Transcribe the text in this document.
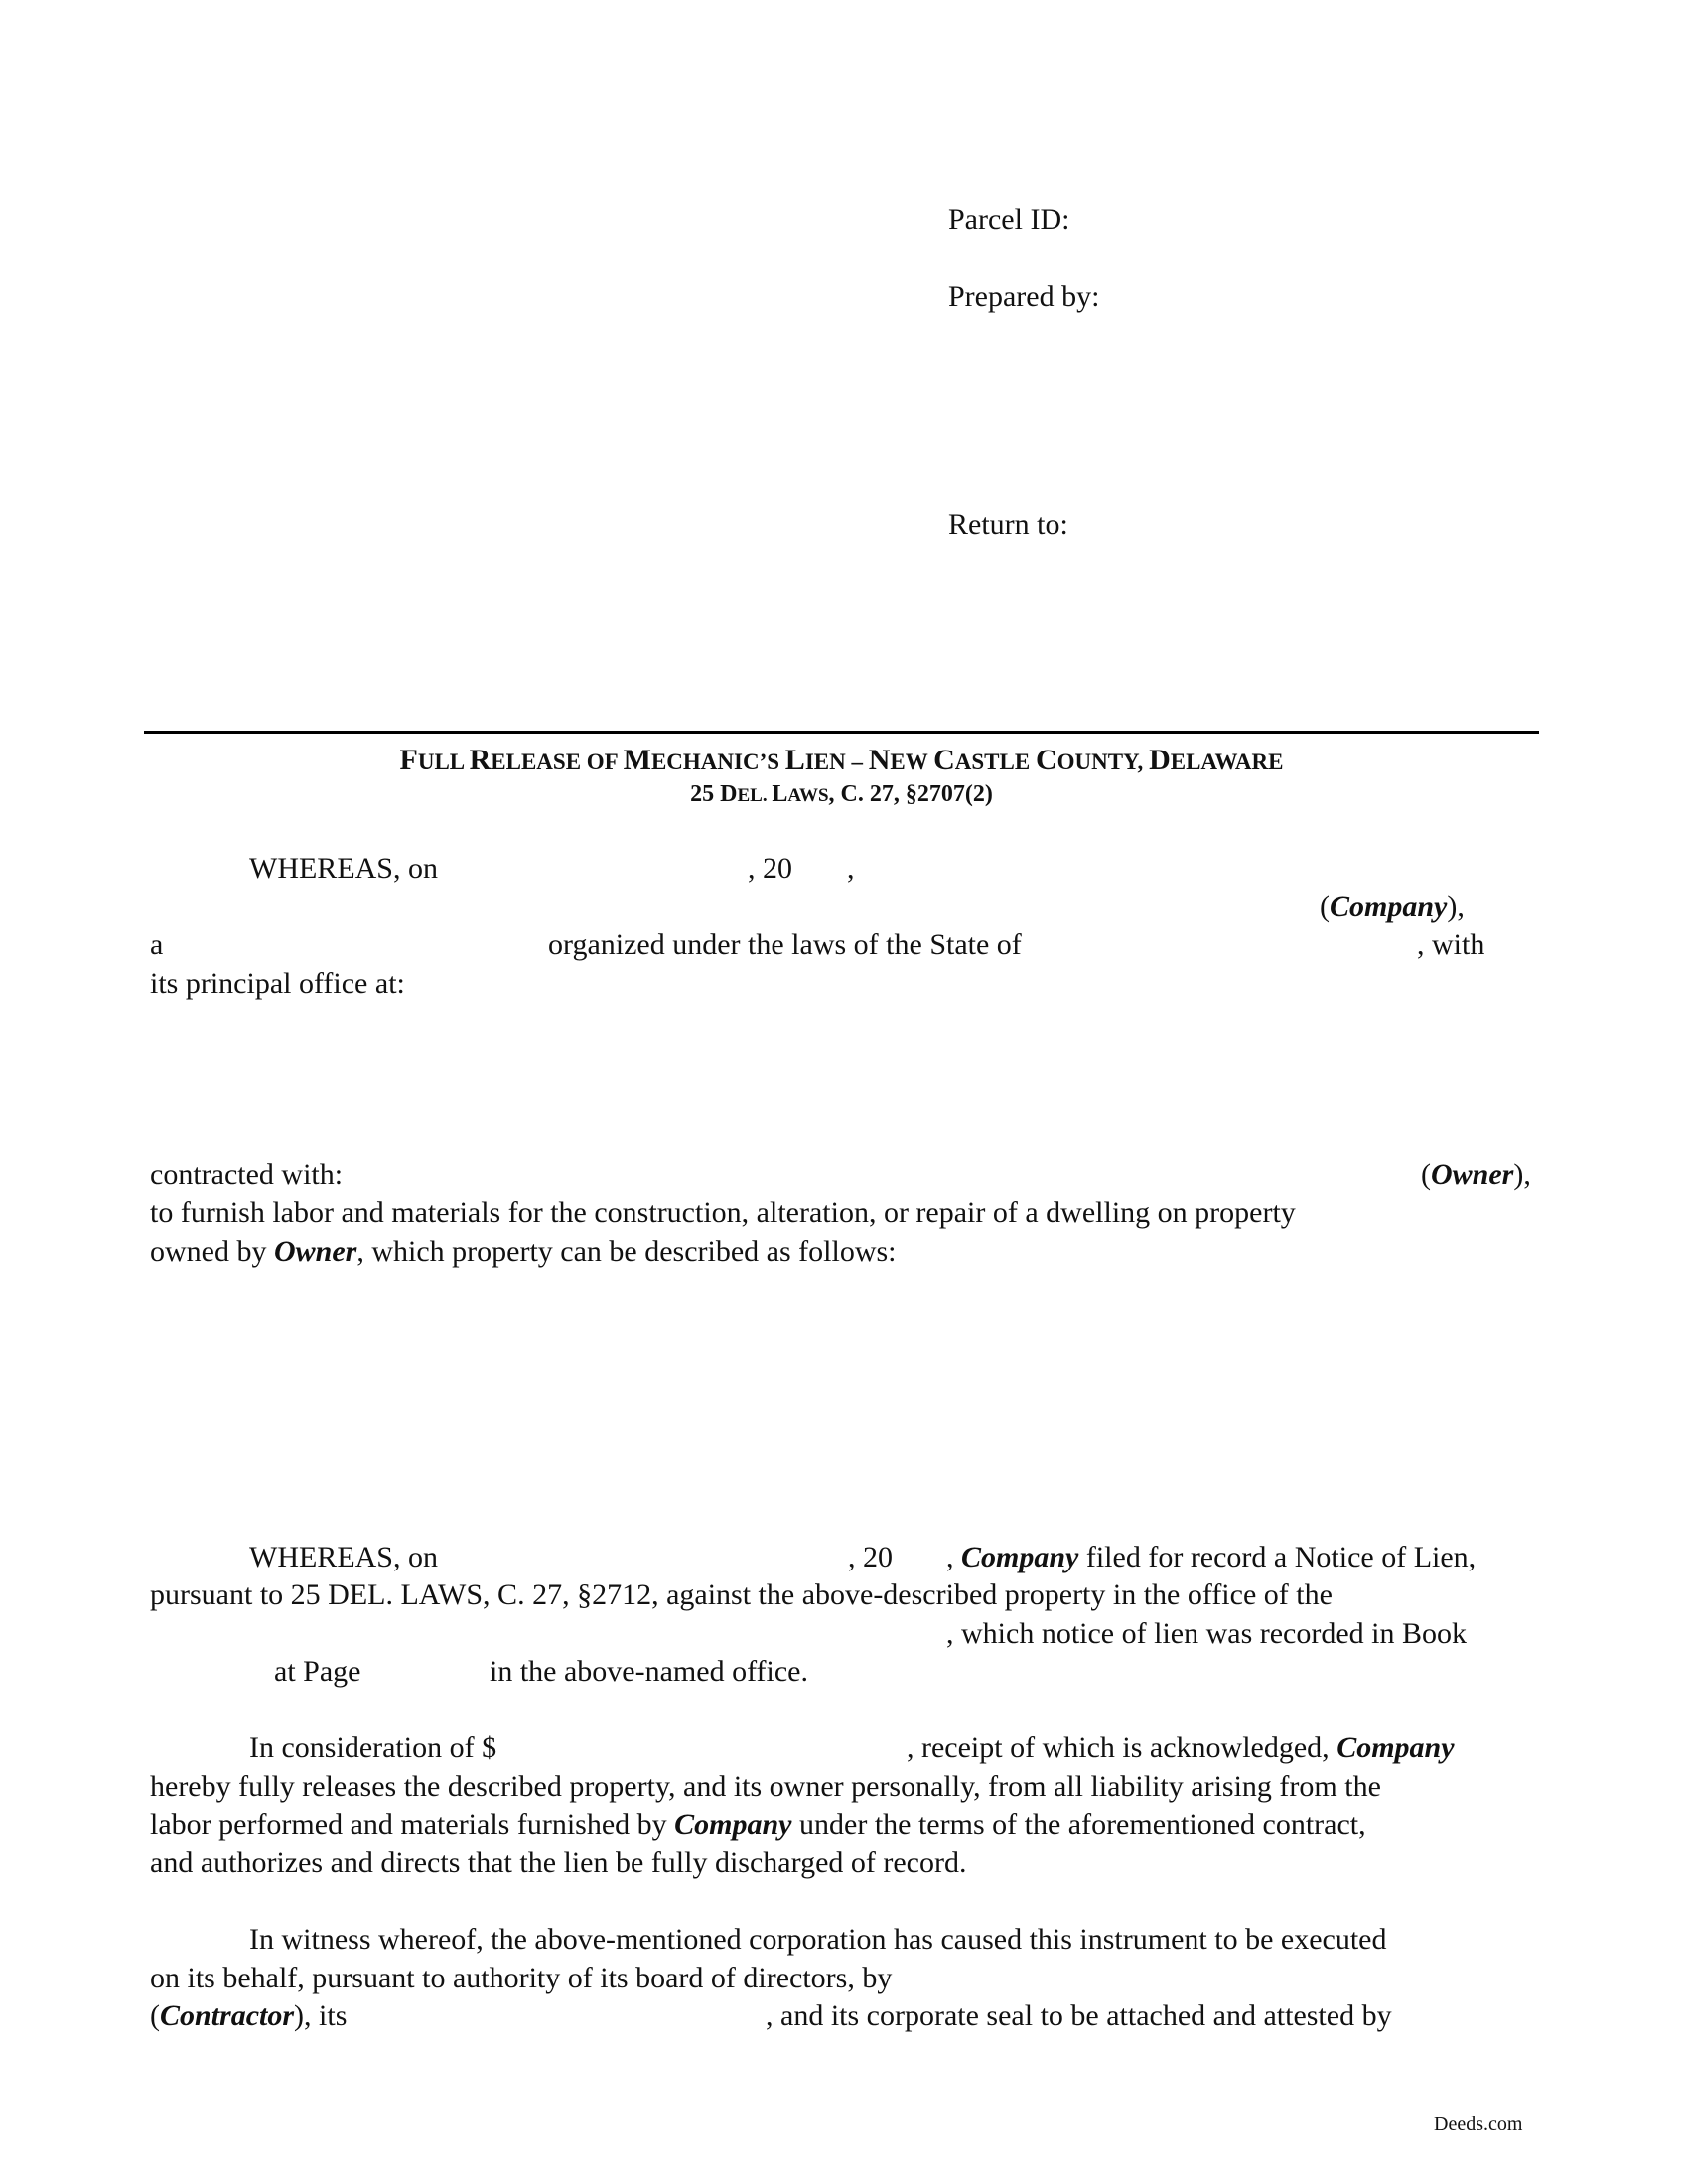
Parcel ID:
Prepared by:
Return to:
FULL RELEASE OF MECHANIC’S LIEN – NEW CASTLE COUNTY, DELAWARE
25 DEL. LAWS, C. 27, §2707(2)
WHEREAS, on	, 20 ,
(Company),
a	organized under the laws of the State of	, with
its principal office at:
contracted with:	(Owner),
to furnish labor and materials for the construction, alteration, or repair of a dwelling on property
owned by Owner, which property can be described as follows:
WHEREAS, on	, 20 , Company filed for record a Notice of Lien,
pursuant to 25 DEL. LAWS, C. 27, §2712, against the above-described property in the office of the
, which notice of lien was recorded in Book
at Page	in the above-named office.
In consideration of $	, receipt of which is acknowledged, Company
hereby fully releases the described property, and its owner personally, from all liability arising from the
labor performed and materials furnished by Company under the terms of the aforementioned contract,
and authorizes and directs that the lien be fully discharged of record.
In witness whereof, the above-mentioned corporation has caused this instrument to be executed
on its behalf, pursuant to authority of its board of directors, by
(Contractor), its	, and its corporate seal to be attached and attested by
Deeds.com
